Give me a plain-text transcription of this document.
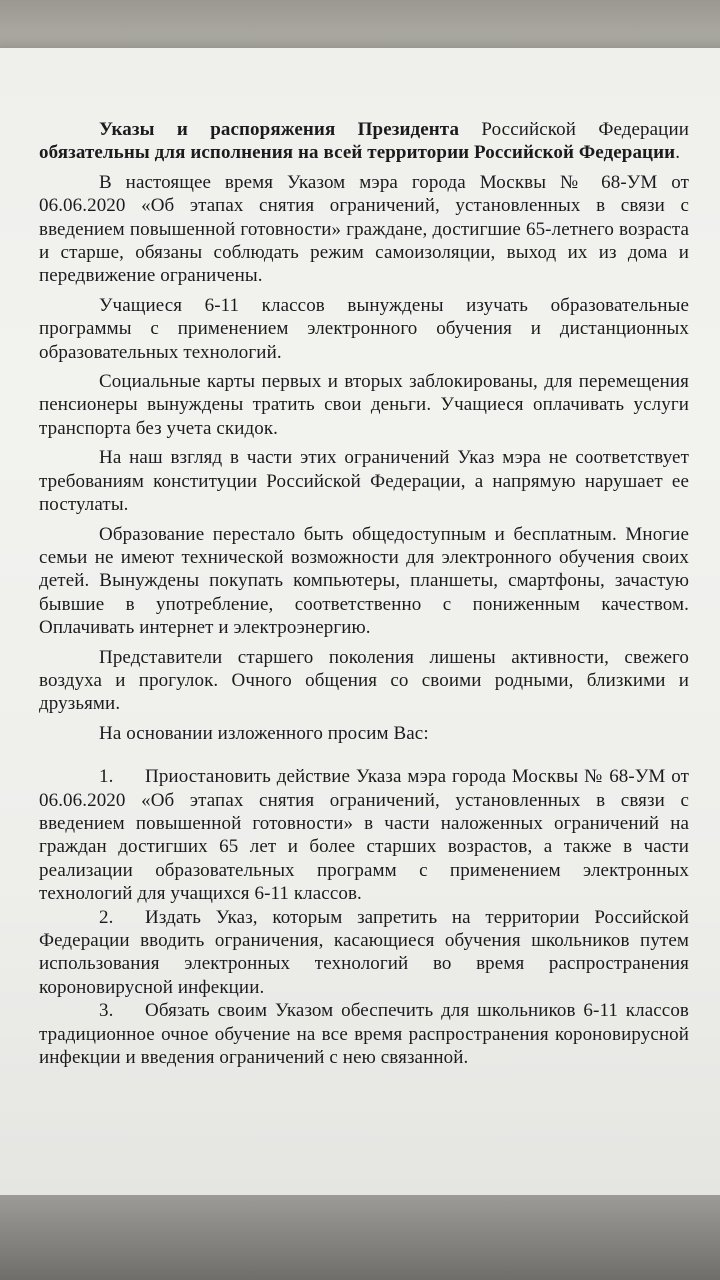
Указы и распоряжения Президента Российской Федерации обязательны для исполнения на всей территории Российской Федерации.

В настоящее время Указом мэра города Москвы № 68-УМ от 06.06.2020 «Об этапах снятия ограничений, установленных в связи с введением повышенной готовности» граждане, достигшие 65-летнего возраста и старше, обязаны соблюдать режим самоизоляции, выход их из дома и передвижение ограничены.

Учащиеся 6-11 классов вынуждены изучать образовательные программы с применением электронного обучения и дистанционных образовательных технологий.

Социальные карты первых и вторых заблокированы, для перемещения пенсионеры вынуждены тратить свои деньги. Учащиеся оплачивать услуги транспорта без учета скидок.

На наш взгляд в части этих ограничений Указ мэра не соответствует требованиям конституции Российской Федерации, а напрямую нарушает ее постулаты.

Образование перестало быть общедоступным и бесплатным. Многие семьи не имеют технической возможности для электронного обучения своих детей. Вынуждены покупать компьютеры, планшеты, смартфоны, зачастую бывшие в употребление, соответственно с пониженным качеством. Оплачивать интернет и электроэнергию.

Представители старшего поколения лишены активности, свежего воздуха и прогулок. Очного общения со своими родными, близкими и друзьями.

На основании изложенного просим Вас:

1. Приостановить действие Указа мэра города Москвы № 68-УМ от 06.06.2020 «Об этапах снятия ограничений, установленных в связи с введением повышенной готовности» в части наложенных ограничений на граждан достигших 65 лет и более старших возрастов, а также в части реализации образовательных программ с применением электронных технологий для учащихся 6-11 классов.

2. Издать Указ, которым запретить на территории Российской Федерации вводить ограничения, касающиеся обучения школьников путем использования электронных технологий во время распространения короновирусной инфекции.

3. Обязать своим Указом обеспечить для школьников 6-11 классов традиционное очное обучение на все время распространения короновирусной инфекции и введения ограничений с нею связанной.
